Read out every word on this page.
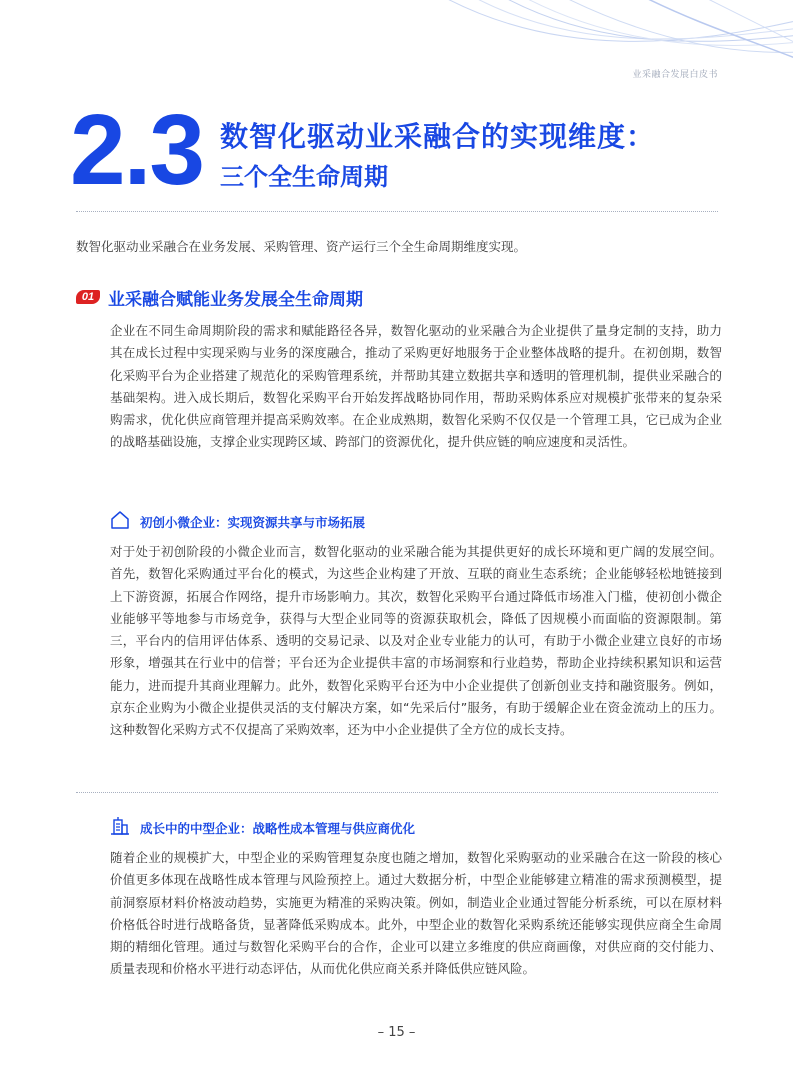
业采融合发展白皮书
2.3 数智化驱动业采融合的实现维度：
三个全生命周期
数智化驱动业采融合在业务发展、采购管理、资产运行三个全生命周期维度实现。
01 业采融合赋能业务发展全生命周期
企业在不同生命周期阶段的需求和赋能路径各异，数智化驱动的业采融合为企业提供了量身定制的支持，助力其在成长过程中实现采购与业务的深度融合，推动了采购更好地服务于企业整体战略的提升。在初创期，数智化采购平台为企业搭建了规范化的采购管理系统，并帮助其建立数据共享和透明的管理机制，提供业采融合的基础架构。进入成长期后，数智化采购平台开始发挥战略协同作用，帮助采购体系应对规模扩张带来的复杂采购需求，优化供应商管理并提高采购效率。在企业成熟期，数智化采购不仅仅是一个管理工具，它已成为企业的战略基础设施，支撑企业实现跨区域、跨部门的资源优化，提升供应链的响应速度和灵活性。
初创小微企业：实现资源共享与市场拓展
对于处于初创阶段的小微企业而言，数智化驱动的业采融合能为其提供更好的成长环境和更广阔的发展空间。首先，数智化采购通过平台化的模式，为这些企业构建了开放、互联的商业生态系统；企业能够轻松地链接到上下游资源，拓展合作网络，提升市场影响力。其次，数智化采购平台通过降低市场准入门槛，使初创小微企业能够平等地参与市场竞争，获得与大型企业同等的资源获取机会，降低了因规模小而面临的资源限制。第三，平台内的信用评估体系、透明的交易记录、以及对企业专业能力的认可，有助于小微企业建立良好的市场形象，增强其在行业中的信誉；平台还为企业提供丰富的市场洞察和行业趋势，帮助企业持续积累知识和运营能力，进而提升其商业理解力。此外，数智化采购平台还为中小企业提供了创新创业支持和融资服务。例如，京东企业购为小微企业提供灵活的支付解决方案，如“先采后付”服务，有助于缓解企业在资金流动上的压力。这种数智化采购方式不仅提高了采购效率，还为中小企业提供了全方位的成长支持。
成长中的中型企业：战略性成本管理与供应商优化
随着企业的规模扩大，中型企业的采购管理复杂度也随之增加，数智化采购驱动的业采融合在这一阶段的核心价值更多体现在战略性成本管理与风险预控上。通过大数据分析，中型企业能够建立精准的需求预测模型，提前洞察原材料价格波动趋势，实施更为精准的采购决策。例如，制造业企业通过智能分析系统，可以在原材料价格低谷时进行战略备货，显著降低采购成本。此外，中型企业的数智化采购系统还能够实现供应商全生命周期的精细化管理。通过与数智化采购平台的合作，企业可以建立多维度的供应商画像，对供应商的交付能力、质量表现和价格水平进行动态评估，从而优化供应商关系并降低供应链风险。
– 15 –
